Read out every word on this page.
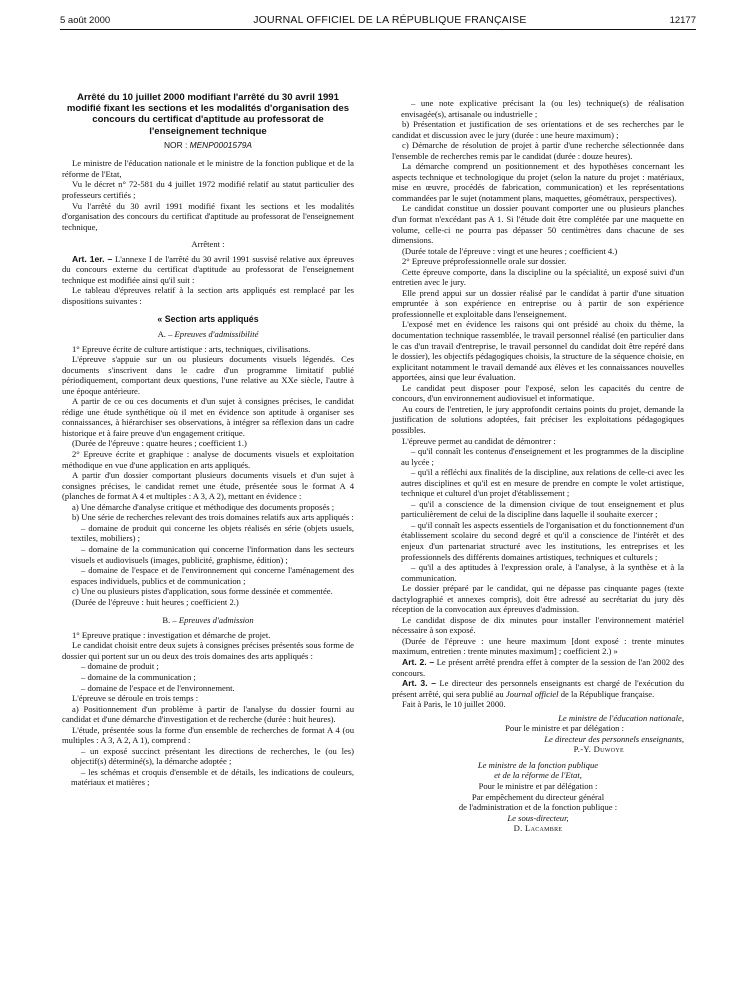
5 août 2000	JOURNAL OFFICIEL DE LA RÉPUBLIQUE FRANÇAISE	12177
Arrêté du 10 juillet 2000 modifiant l'arrêté du 30 avril 1991 modifié fixant les sections et les modalités d'organisation des concours du certificat d'aptitude au professorat de l'enseignement technique
NOR : MENP0001579A

Le ministre de l'éducation nationale et le ministre de la fonction publique et de la réforme de l'Etat,

Vu le décret n° 72-581 du 4 juillet 1972 modifié relatif au statut particulier des professeurs certifiés ;

Vu l'arrêté du 30 avril 1991 modifié fixant les sections et les modalités d'organisation des concours du certificat d'aptitude au professorat de l'enseignement technique,

Arrêtent :

Art. 1er. – L'annexe I de l'arrêté du 30 avril 1991 susvisé relative aux épreuves du concours externe du certificat d'aptitude au professorat de l'enseignement technique est modifiée ainsi qu'il suit :

Le tableau d'épreuves relatif à la section arts appliqués est remplacé par les dispositions suivantes :

« Section arts appliqués
A. – Epreuves d'admissibilité

1° Epreuve écrite de culture artistique : arts, techniques, civilisations.

L'épreuve s'appuie sur un ou plusieurs documents visuels légendés. Ces documents s'inscrivent dans le cadre d'un programme limitatif publié périodiquement, comportant deux questions, l'une relative au XXe siècle, l'autre à une époque antérieure.

A partir de ce ou ces documents et d'un sujet à consignes précises, le candidat rédige une étude synthétique où il met en évidence son aptitude à organiser ses connaissances, à hiérarchiser ses observations, à intégrer sa réflexion dans un cadre historique et à faire preuve d'un engagement critique.

(Durée de l'épreuve : quatre heures ; coefficient 1.)

2° Epreuve écrite et graphique : analyse de documents visuels et exploitation méthodique en vue d'une application en arts appliqués.

A partir d'un dossier comportant plusieurs documents visuels et d'un sujet à consignes précises, le candidat remet une étude, présentée sous le format A 4 (planches de format A 4 et multiples : A 3, A 2), mettant en évidence :

a) Une démarche d'analyse critique et méthodique des documents proposés ;

b) Une série de recherches relevant des trois domaines relatifs aux arts appliqués :

– domaine de produit qui concerne les objets réalisés en série (objets usuels, textiles, mobiliers) ;

– domaine de la communication qui concerne l'information dans les secteurs visuels et audiovisuels (images, publicité, graphisme, édition) ;

– domaine de l'espace et de l'environnement qui concerne l'aménagement des espaces individuels, publics et de communication ;

c) Une ou plusieurs pistes d'application, sous forme dessinée et commentée.

(Durée de l'épreuve : huit heures ; coefficient 2.)

B. – Epreuves d'admission

1° Epreuve pratique : investigation et démarche de projet.

Le candidat choisit entre deux sujets à consignes précises présentés sous forme de dossier qui portent sur un ou deux des trois domaines des arts appliqués :

– domaine de produit ;

– domaine de la communication ;

– domaine de l'espace et de l'environnement.

L'épreuve se déroule en trois temps :

a) Positionnement d'un problème à partir de l'analyse du dossier fourni au candidat et d'une démarche d'investigation et de recherche (durée : huit heures).

L'étude, présentée sous la forme d'un ensemble de recherches de format A 4 (ou multiples : A 3, A 2, A 1), comprend :

– un exposé succinct présentant les directions de recherches, le (ou les) objectif(s) déterminé(s), la démarche adoptée ;

– les schémas et croquis d'ensemble et de détails, les indications de couleurs, matériaux et matières ;

– une note explicative précisant la (ou les) technique(s) de réalisation envisagée(s), artisanale ou industrielle ;

b) Présentation et justification de ses orientations et de ses recherches par le candidat et discussion avec le jury (durée : une heure maximum) ;

c) Démarche de résolution de projet à partir d'une recherche sélectionnée dans l'ensemble de recherches remis par le candidat (durée : douze heures).

La démarche comprend un positionnement et des hypothèses concernant les aspects technique et technologique du projet (selon la nature du projet : matériaux, mise en œuvre, procédés de fabrication, communication) et les représentations commandées par le sujet (notamment plans, maquettes, géométraux, perspectives).

Le candidat constitue un dossier pouvant comporter une ou plusieurs planches d'un format n'excédant pas A 1. Si l'étude doit être complétée par une maquette en volume, celle-ci ne pourra pas dépasser 50 centimètres dans chacune de ses dimensions.

(Durée totale de l'épreuve : vingt et une heures ; coefficient 4.)

2° Epreuve préprofessionnelle orale sur dossier.

Cette épreuve comporte, dans la discipline ou la spécialité, un exposé suivi d'un entretien avec le jury.

Elle prend appui sur un dossier réalisé par le candidat à partir d'une situation empruntée à son expérience en entreprise ou à partir de son expérience professionnelle et exploitable dans l'enseignement.

L'exposé met en évidence les raisons qui ont présidé au choix du thème, la documentation technique rassemblée, le travail personnel réalisé (en particulier dans le cas d'un travail d'entreprise, le travail personnel du candidat doit être repéré dans le dossier), les objectifs pédagogiques choisis, la structure de la séquence choisie, en explicitant notamment le travail demandé aux élèves et les connaissances nouvelles apportées, ainsi que leur évaluation.

Le candidat peut disposer pour l'exposé, selon les capacités du centre de concours, d'un environnement audiovisuel et informatique.

Au cours de l'entretien, le jury approfondit certains points du projet, demande la justification de solutions adoptées, fait préciser les exploitations pédagogiques possibles.

L'épreuve permet au candidat de démontrer :

– qu'il connaît les contenus d'enseignement et les programmes de la discipline au lycée ;

– qu'il a réfléchi aux finalités de la discipline, aux relations de celle-ci avec les autres disciplines et qu'il est en mesure de prendre en compte le volet artistique, technique et culturel d'un projet d'établissement ;

– qu'il a conscience de la dimension civique de tout enseignement et plus particulièrement de celui de la discipline dans laquelle il souhaite exercer ;

– qu'il connaît les aspects essentiels de l'organisation et du fonctionnement d'un établissement scolaire du second degré et qu'il a conscience de l'intérêt et des enjeux d'un partenariat structuré avec les institutions, les entreprises et les professionnels des différents domaines artistiques, techniques et culturels ;

– qu'il a des aptitudes à l'expression orale, à l'analyse, à la synthèse et à la communication.

Le dossier préparé par le candidat, qui ne dépasse pas cinquante pages (texte dactylographié et annexes compris), doit être adressé au secrétariat du jury dès réception de la convocation aux épreuves d'admission.

Le candidat dispose de dix minutes pour installer l'environnement matériel nécessaire à son exposé.

(Durée de l'épreuve : une heure maximum [dont exposé : trente minutes maximum, entretien : trente minutes maximum] ; coefficient 2.) »

Art. 2. – Le présent arrêté prendra effet à compter de la session de l'an 2002 des concours.

Art. 3. – Le directeur des personnels enseignants est chargé de l'exécution du présent arrêté, qui sera publié au Journal officiel de la République française.

Fait à Paris, le 10 juillet 2000.

Le ministre de l'éducation nationale,
Pour le ministre et par délégation :
Le directeur des personnels enseignants,
P.-Y. Duwoye
Le ministre de la fonction publique
et de la réforme de l'Etat,
Pour le ministre et par délégation :
Par empêchement du directeur général
de l'administration et de la fonction publique :
Le sous-directeur,
D. Lacambre
